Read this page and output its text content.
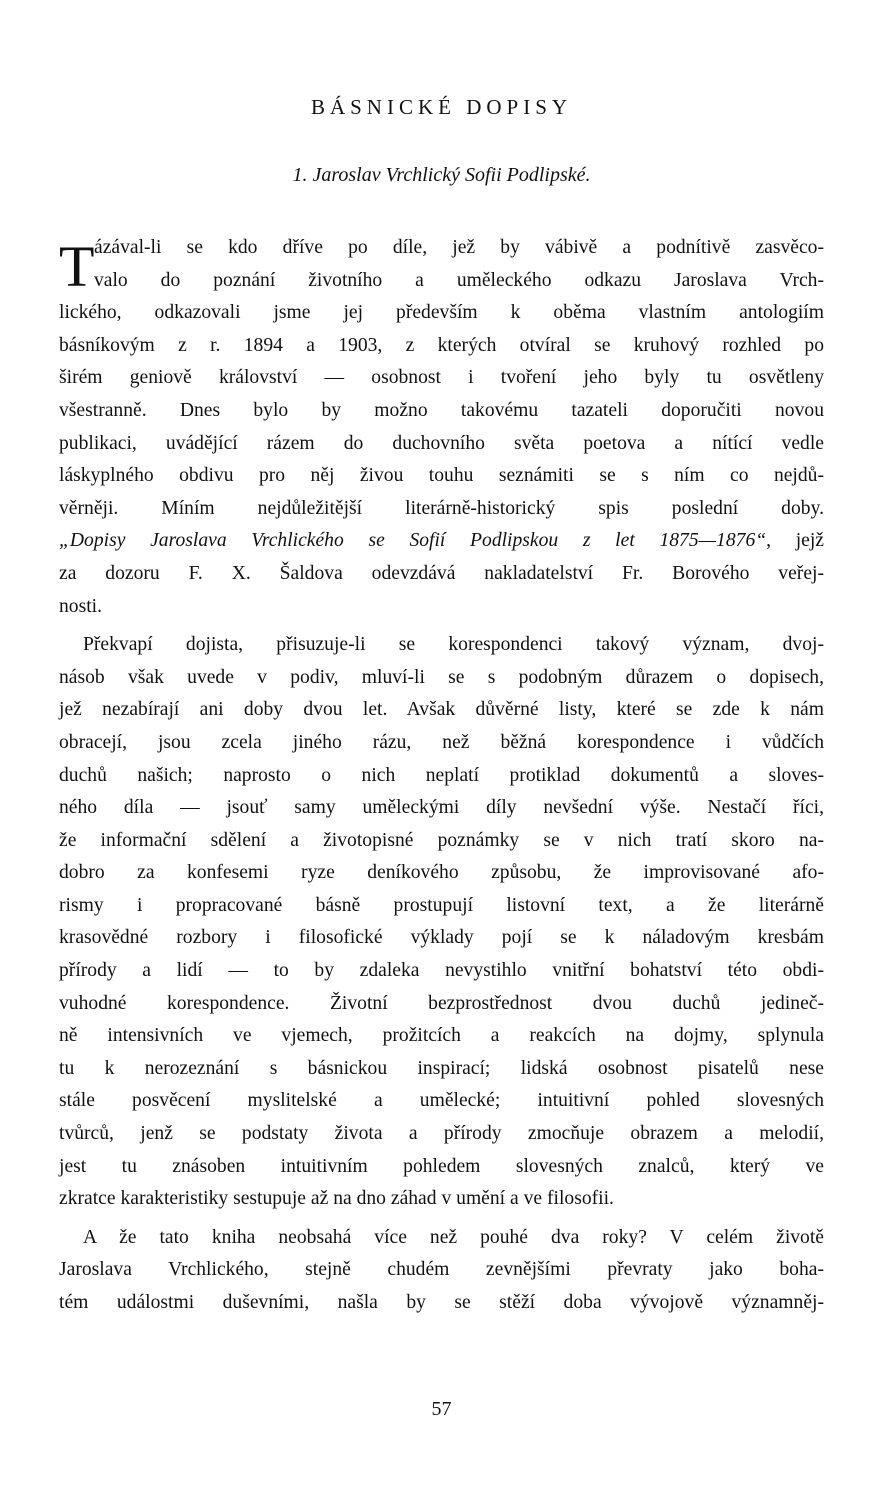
BÁSNICKÉ DOPISY
1. Jaroslav Vrchlický Sofii Podlipské.
T ázával-li se kdo dříve po díle, jež by vábivě a podnítivě zasvěco-
valo do poznání životního a uměleckého odkazu Jaroslava Vrch-
lického, odkazovali jsme jej především k oběma vlastním antologiím
básníkovým z r. 1894 a 1903, z kterých otvíral se kruhový rozhled po
širém geniově království — osobnost i tvoření jeho byly tu osvětleny
všestranně. Dnes bylo by možno takovému tazateli doporučiti novou
publikaci, uvádějící rázem do duchovního světa poetova a nítící vedle
láskyplného obdivu pro něj živou touhu seznámiti se s ním co nejdů-
věrněji. Míním nejdůležitější literárně-historický spis poslední doby.
„Dopisy Jaroslava Vrchlického se Sofií Podlipskou z let 1875—1876“, jejž
za dozoru F. X. Šaldova odevzdává nakladatelství Fr. Borového veřej-
nosti.
Překvapí dojista, přisuzuje-li se korespondenci takový význam, dvoj-
násob však uvede v podiv, mluví-li se s podobným důrazem o dopisech,
jež nezabírají ani doby dvou let. Avšak důvěrné listy, které se zde k nám
obracejí, jsou zcela jiného rázu, než běžná korespondence i vůdčích
duchů našich; naprosto o nich neplatí protiklad dokumentů a sloves-
ného díla — jsouť samy uměleckými díly nevšední výše. Nestačí říci,
že informační sdělení a životopisné poznámky se v nich tratí skoro na-
dobro za konfesemi ryze deníkového způsobu, že improvisované afo-
rismy i propracované básně prostupují listovní text, a že literárně
krasovědné rozbory i filosofické výklady pojí se k náladovým kresbám
přírody a lidí — to by zdaleka nevystihlo vnitřní bohatství této obdi-
vuhodné korespondence. Životní bezprostřednost dvou duchů jedineč-
ně intensivních ve vjemech, prožitcích a reakcích na dojmy, splynula
tu k nerozeznání s básnickou inspirací; lidská osobnost pisatelů nese
stále posvěcení myslitelské a umělecké; intuitivní pohled slovesných
tvůrců, jenž se podstaty života a přírody zmocňuje obrazem a melodií,
jest tu znásoben intuitivním pohledem slovesných znalců, který ve
zkratce karakteristiky sestupuje až na dno záhad v umění a ve filosofii.
A že tato kniha neobsahá více než pouhé dva roky? V celém životě
Jaroslava Vrchlického, stejně chudém zevnějšími převraty jako boha-
tém událostmi duševními, našla by se stěží doba vývojově významněj-
57
